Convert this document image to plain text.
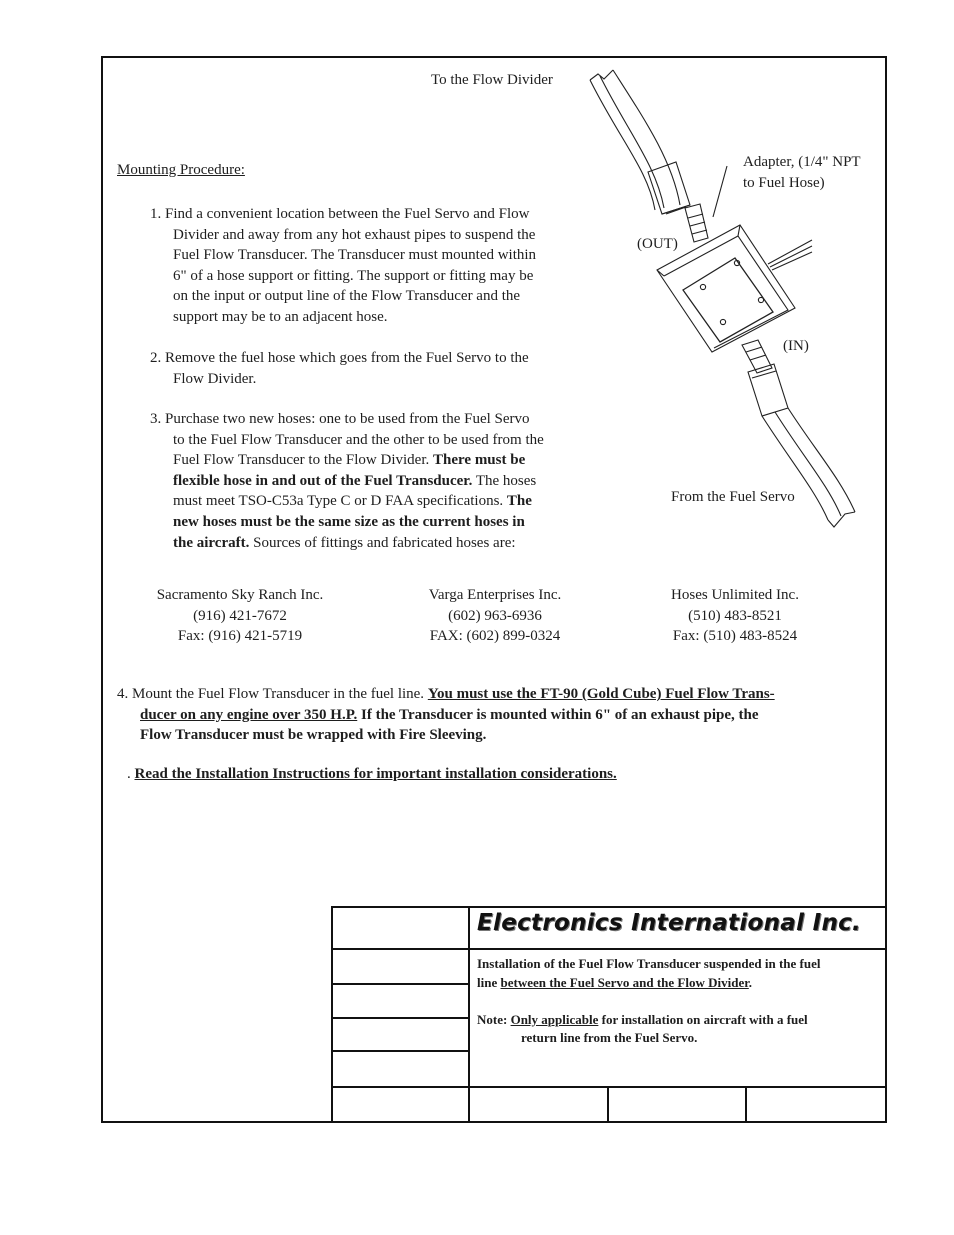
To the Flow Divider
Adapter, (1/4" NPT
to Fuel Hose)
(OUT)
(IN)
From the Fuel Servo
Mounting Procedure:
1. Find a convenient location between the Fuel Servo and Flow
Divider and away from any hot exhaust pipes to suspend the
Fuel Flow Transducer. The Transducer must mounted within
6" of a hose support or fitting. The support or fitting may be
on the input or output line of the Flow Transducer and the
support may be to an adjacent hose.
2. Remove the fuel hose which goes from the Fuel Servo to the
Flow Divider.
3. Purchase two new hoses: one to be used from the Fuel Servo
to the Fuel Flow Transducer and the other to be used from the
Fuel Flow Transducer to the Flow Divider. There must be
flexible hose in and out of the Fuel Transducer. The hoses
must meet TSO-C53a Type C or D FAA specifications. The
new hoses must be the same size as the current hoses in
the aircraft. Sources of fittings and fabricated hoses are:
Sacramento Sky Ranch Inc.
(916) 421-7672
Fax: (916) 421-5719
Varga Enterprises Inc.
(602) 963-6936
FAX: (602) 899-0324
Hoses Unlimited Inc.
(510) 483-8521
Fax: (510) 483-8524
4. Mount the Fuel Flow Transducer in the fuel line. You must use the FT-90 (Gold Cube) Fuel Flow Trans-
ducer on any engine over 350 H.P. If the Transducer is mounted within 6" of an exhaust pipe, the
Flow Transducer must be wrapped with Fire Sleeving.
. Read the Installation Instructions for important installation considerations.
Electronics International Inc.
Installation of the Fuel Flow Transducer suspended in the fuel
line between the Fuel Servo and the Flow Divider.
Note: Only applicable for installation on aircraft with a fuel
return line from the Fuel Servo.
